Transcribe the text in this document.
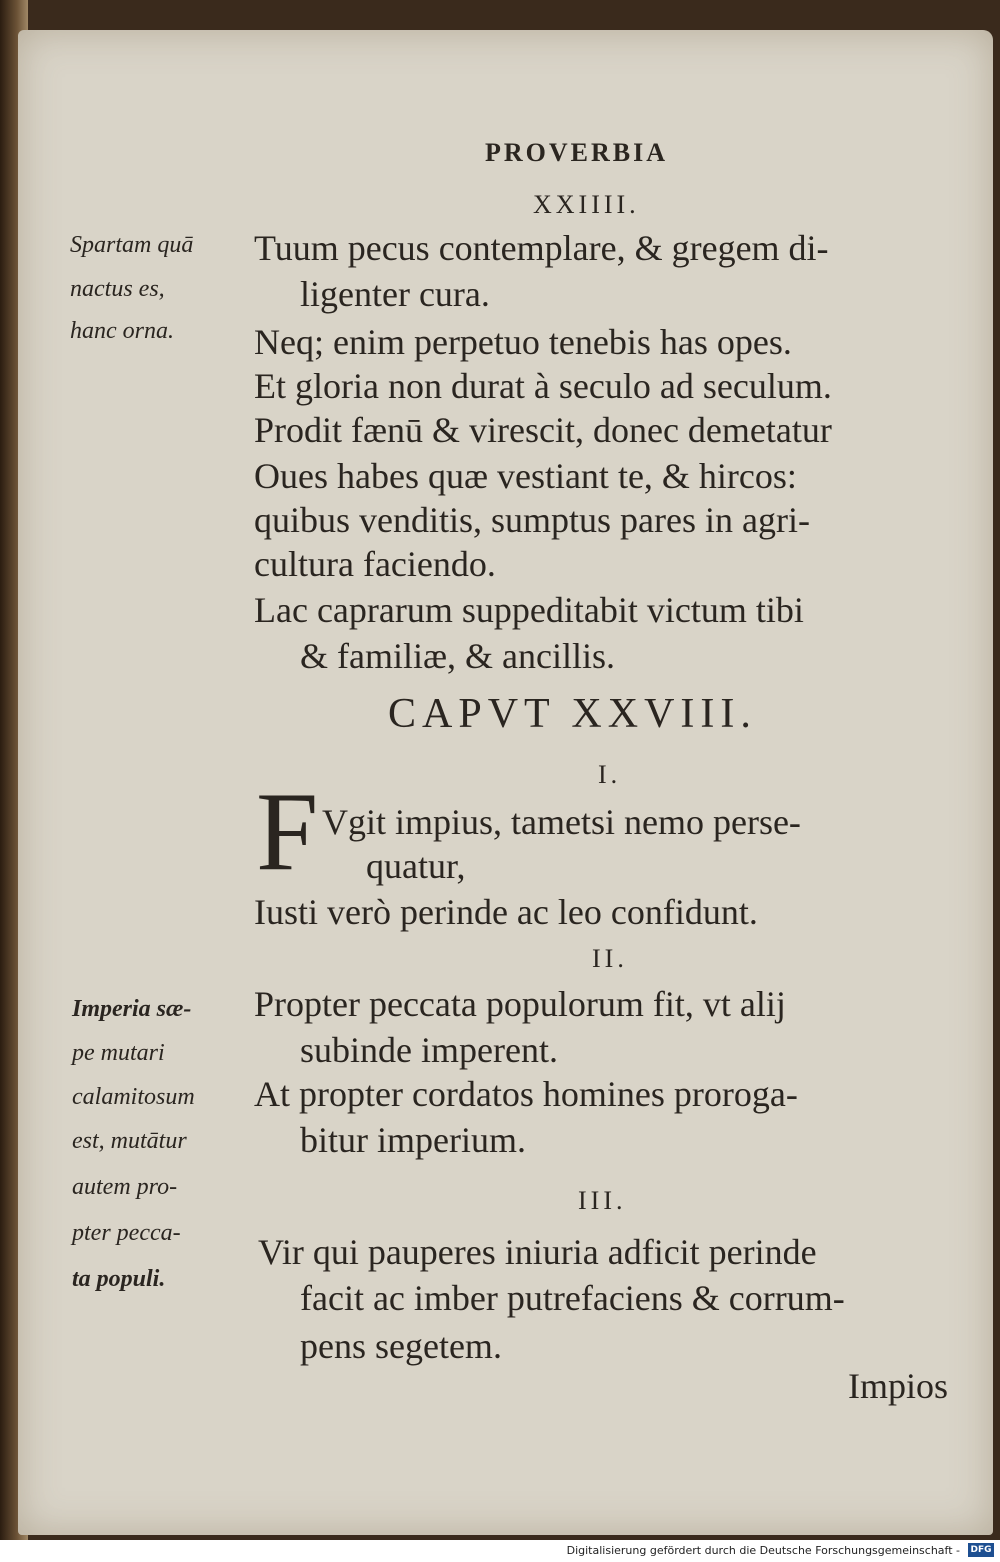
PROVERBIA
XXIIII.
Spartam quā
nactus es,
hanc orna.
Tuum pecus contemplare, & gregem di-
ligenter cura.
Neq; enim perpetuo tenebis has opes.
Et gloria non durat à seculo ad seculum.
Prodit fænū & virescit, donec demetatur
Oues habes quæ vestiant te, & hircos:
quibus venditis, sumptus pares in agri-
cultura faciendo.
Lac caprarum suppeditabit victum tibi
& familiæ, & ancillis.
CAPVT XXVIII.
I.
F Vgit impius, tametsi nemo perse-
quatur,
Iusti verò perinde ac leo confidunt.
II.
Imperia sæ-
pe mutari
calamitosum
est, mutātur
autem pro-
pter pecca-
ta populi.
Propter peccata populorum fit, vt alij
subinde imperent.
At propter cordatos homines proroga-
bitur imperium.
III.
Vir qui pauperes iniuria adficit perinde
facit ac imber putrefaciens & corrum-
pens segetem.
Impios
Digitalisierung gefördert durch die Deutsche Forschungsgemeinschaft - DFG
